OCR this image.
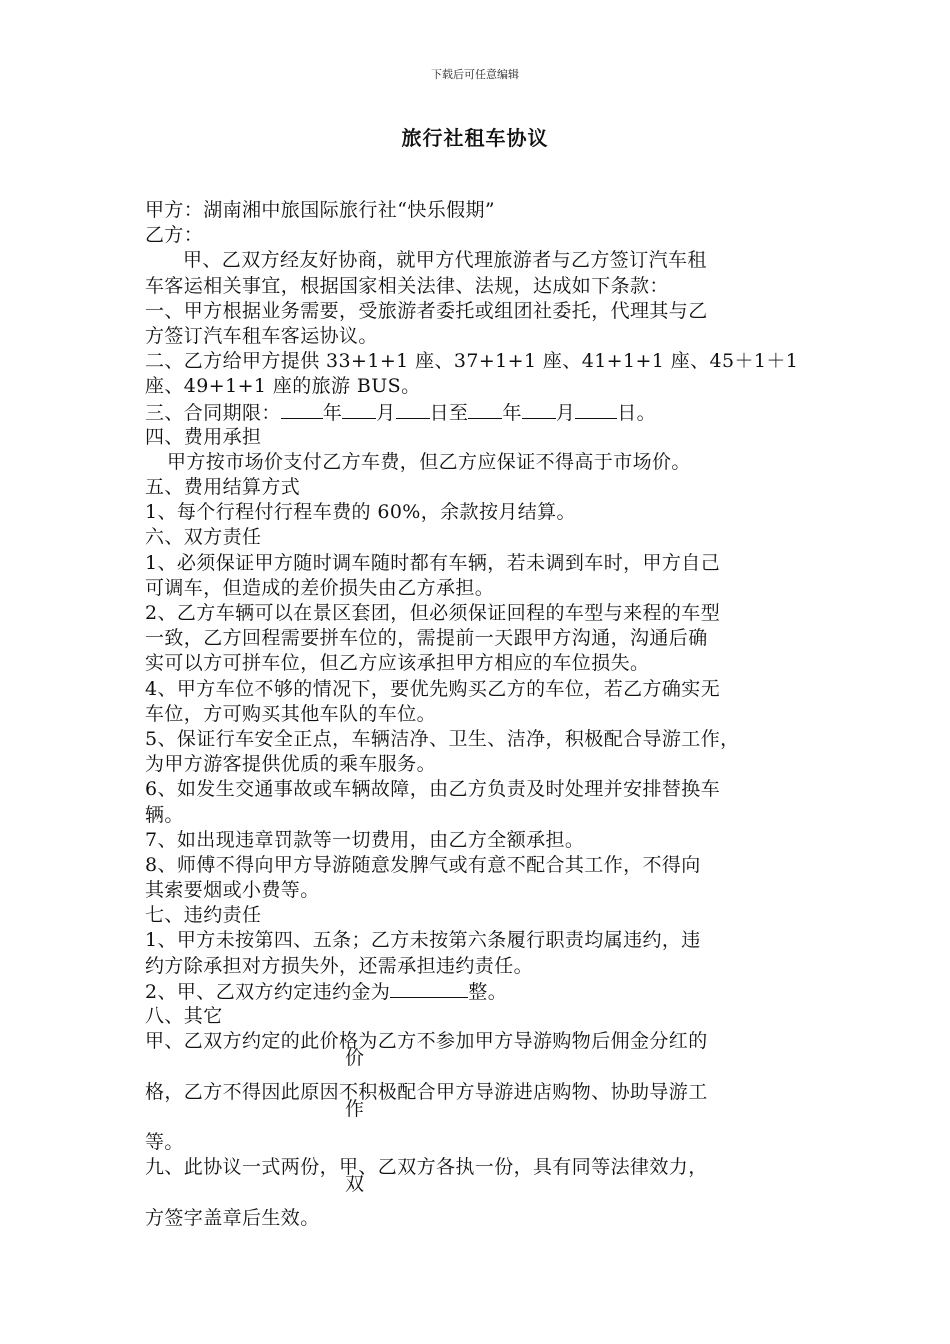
下载后可任意编辑
旅行社租车协议
甲方：湖南湘中旅国际旅行社“快乐假期”
乙方：
甲、乙双方经友好协商，就甲方代理旅游者与乙方签订汽车租
车客运相关事宜，根据国家相关法律、法规，达成如下条款：
一、甲方根据业务需要，受旅游者委托或组团社委托，代理其与乙
方签订汽车租车客运协议。
二、乙方给甲方提供 33+1+1 座、37+1+1 座、41+1+1 座、45＋1＋1
座、49+1+1 座的旅游 BUS。
三、合同期限： 年 月 日至 年 月 日。
四、费用承担
甲方按市场价支付乙方车费，但乙方应保证不得高于市场价。
五、费用结算方式
1、每个行程付行程车费的 60%，余款按月结算。
六、双方责任
1、必须保证甲方随时调车随时都有车辆，若未调到车时，甲方自己
可调车，但造成的差价损失由乙方承担。
2、乙方车辆可以在景区套团，但必须保证回程的车型与来程的车型
一致，乙方回程需要拼车位的，需提前一天跟甲方沟通，沟通后确
实可以方可拼车位，但乙方应该承担甲方相应的车位损失。
4、甲方车位不够的情况下，要优先购买乙方的车位，若乙方确实无
车位，方可购买其他车队的车位。
5、保证行车安全正点，车辆洁净、卫生、洁净，积极配合导游工作，
为甲方游客提供优质的乘车服务。
6、如发生交通事故或车辆故障，由乙方负责及时处理并安排替换车
辆。
7、如出现违章罚款等一切费用，由乙方全额承担。
8、师傅不得向甲方导游随意发脾气或有意不配合其工作，不得向
其索要烟或小费等。
七、违约责任
1、甲方未按第四、五条；乙方未按第六条履行职责均属违约，违
约方除承担对方损失外，还需承担违约责任。
2、甲、乙双方约定违约金为	整。
八、其它
甲、乙双方约定的此价格为乙方不参加甲方导游购物后佣金分红的
价
格，乙方不得因此原因不积极配合甲方导游进店购物、协助导游工
作
等。
九、此协议一式两份，甲、乙双方各执一份，具有同等法律效力，
双
方签字盖章后生效。
